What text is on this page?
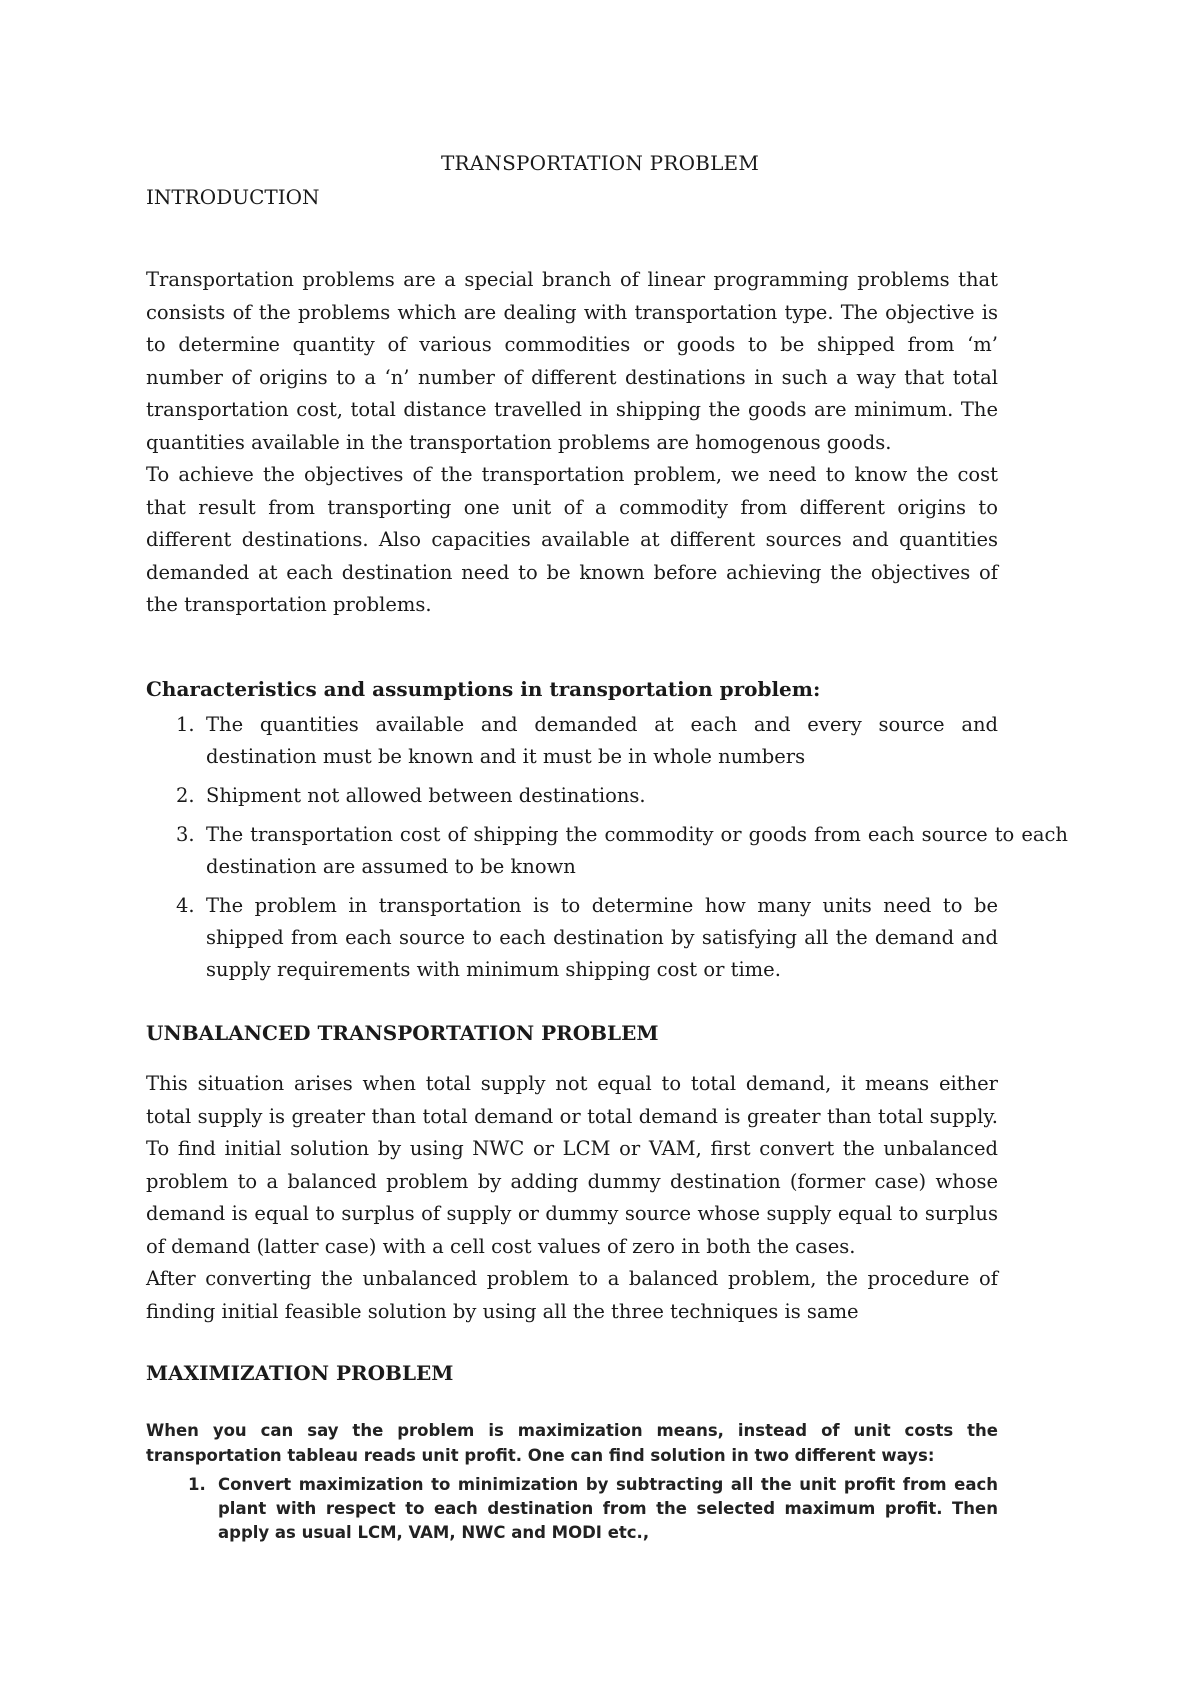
TRANSPORTATION PROBLEM
INTRODUCTION

Transportation problems are a special branch of linear programming problems that consists of the problems which are dealing with transportation type. The objective is to determine quantity of various commodities or goods to be shipped from ‘m’ number of origins to a ‘n’ number of different destinations in such a way that total transportation cost, total distance travelled in shipping the goods are minimum. The quantities available in the transportation problems are homogenous goods.

To achieve the objectives of the transportation problem, we need to know the cost that result from transporting one unit of a commodity from different origins to different destinations. Also capacities available at different sources and quantities demanded at each destination need to be known before achieving the objectives of the transportation problems.

Characteristics and assumptions in transportation problem:
1. The quantities available and demanded at each and every source and destination must be known and it must be in whole numbers
2. Shipment not allowed between destinations.
3. The transportation cost of shipping the commodity or goods from each source to each destination are assumed to be known
4. The problem in transportation is to determine how many units need to be shipped from each source to each destination by satisfying all the demand and supply requirements with minimum shipping cost or time.
UNBALANCED TRANSPORTATION PROBLEM

This situation arises when total supply not equal to total demand, it means either total supply is greater than total demand or total demand is greater than total supply. To find initial solution by using NWC or LCM or VAM, first convert the unbalanced problem to a balanced problem by adding dummy destination (former case) whose demand is equal to surplus of supply or dummy source whose supply equal to surplus of demand (latter case) with a cell cost values of zero in both the cases.

After converting the unbalanced problem to a balanced problem, the procedure of finding initial feasible solution by using all the three techniques is same

MAXIMIZATION PROBLEM

When you can say the problem is maximization means, instead of unit costs the transportation tableau reads unit profit. One can find solution in two different ways:

1. Convert maximization to minimization by subtracting all the unit profit from each plant with respect to each destination from the selected maximum profit. Then apply as usual LCM, VAM, NWC and MODI etc.,
